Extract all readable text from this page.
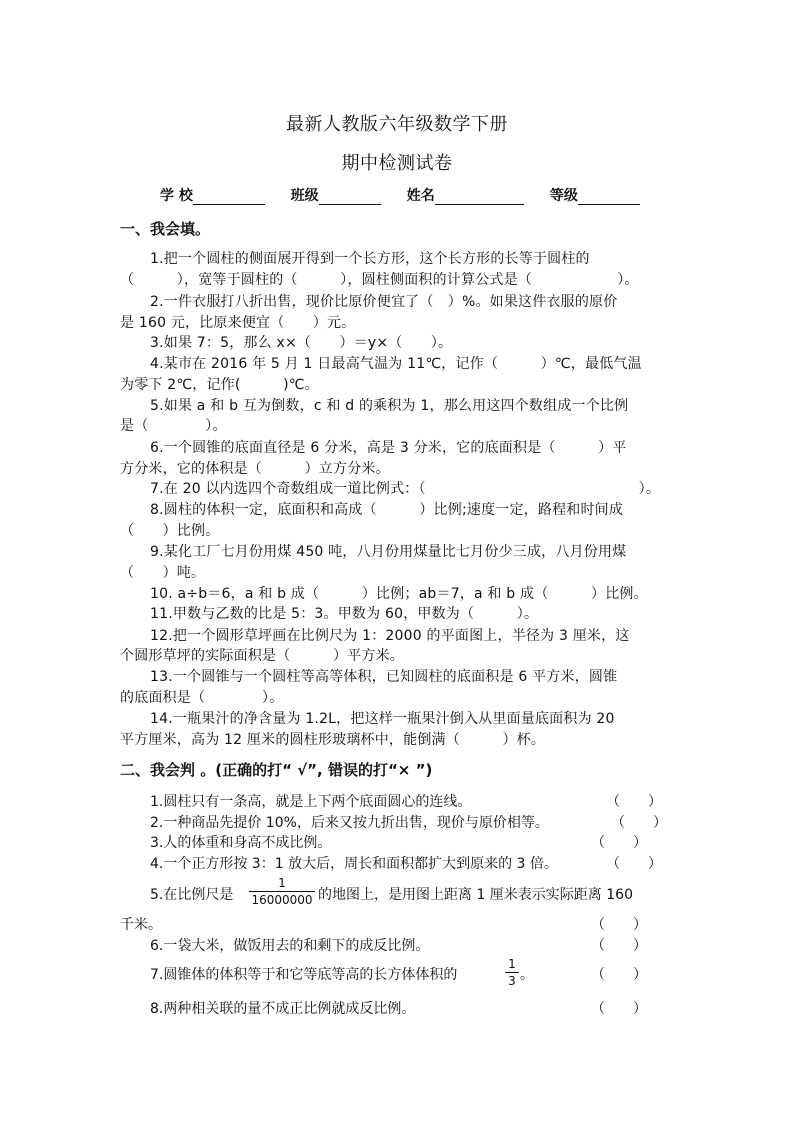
最新人教版六年级数学下册
期中检测试卷
学 校	班级	姓名	等级
一、我会填。
1.把一个圆柱的侧面展开得到一个长方形，这个长方形的长等于圆柱的
（　　　），宽等于圆柱的（　　　），圆柱侧面积的计算公式是（　　　　　　）。
2.一件衣服打八折出售，现价比原价便宜了（　）%。如果这件衣服的原价
是 160 元，比原来便宜（　　）元。
3.如果 7：5，那么 x×（　　）＝y×（　　）。
4.某市在 2016 年 5 月 1 日最高气温为 11℃，记作（　　　）℃，最低气温
为零下 2℃，记作(　　　)℃。
5.如果 a 和 b 互为倒数，c 和 d 的乘积为 1，那么用这四个数组成一个比例
是（　　　　）。
6.一个圆锥的底面直径是 6 分米，高是 3 分米，它的底面积是（　　　）平
方分米，它的体积是（　　　）立方分米。
7.在 20 以内选四个奇数组成一道比例式：（　　　　　　　　　　　　　　　）。
8.圆柱的体积一定，底面积和高成（　　　）比例;速度一定，路程和时间成
（　　）比例。
9.某化工厂七月份用煤 450 吨，八月份用煤量比七月份少三成，八月份用煤
（　　）吨。
10. a÷b＝6，a 和 b 成（　　　）比例；ab＝7，a 和 b 成（　　　）比例。
11.甲数与乙数的比是 5：3。甲数为 60，甲数为（　　　）。
12.把一个圆形草坪画在比例尺为 1：2000 的平面图上，半径为 3 厘米，这
个圆形草坪的实际面积是（　　　）平方米。
13.一个圆锥与一个圆柱等高等体积，已知圆柱的底面积是 6 平方米，圆锥
的底面积是（　　　　）。
14.一瓶果汁的净含量为 1.2L，把这样一瓶果汁倒入从里面量底面积为 20
平方厘米，高为 12 厘米的圆柱形玻璃杯中，能倒满（　　　）杯。
二、我会判 。(正确的打“ √”, 错误的打“× ”)
1.圆柱只有一条高，就是上下两个底面圆心的连线。	（　　）
2.一种商品先提价 10%，后来又按九折出售，现价与原价相等。	（　　）
3.人的体重和身高不成比例。	（　　）
4.一个正方形按 3：1 放大后，周长和面积都扩大到原来的 3 倍。	（　　）
5.在比例尺是 $\frac{1}{16000000}$ 的地图上，是用图上距离 1 厘米表示实际距离 160
千米。	（　　）
6.一袋大米，做饭用去的和剩下的成反比例。	（　　）
7.圆锥体的体积等于和它等底等高的长方体体积的	$\frac{1}{3}$ 。	（　　）
8.两种相关联的量不成正比例就成反比例。	（　　）
